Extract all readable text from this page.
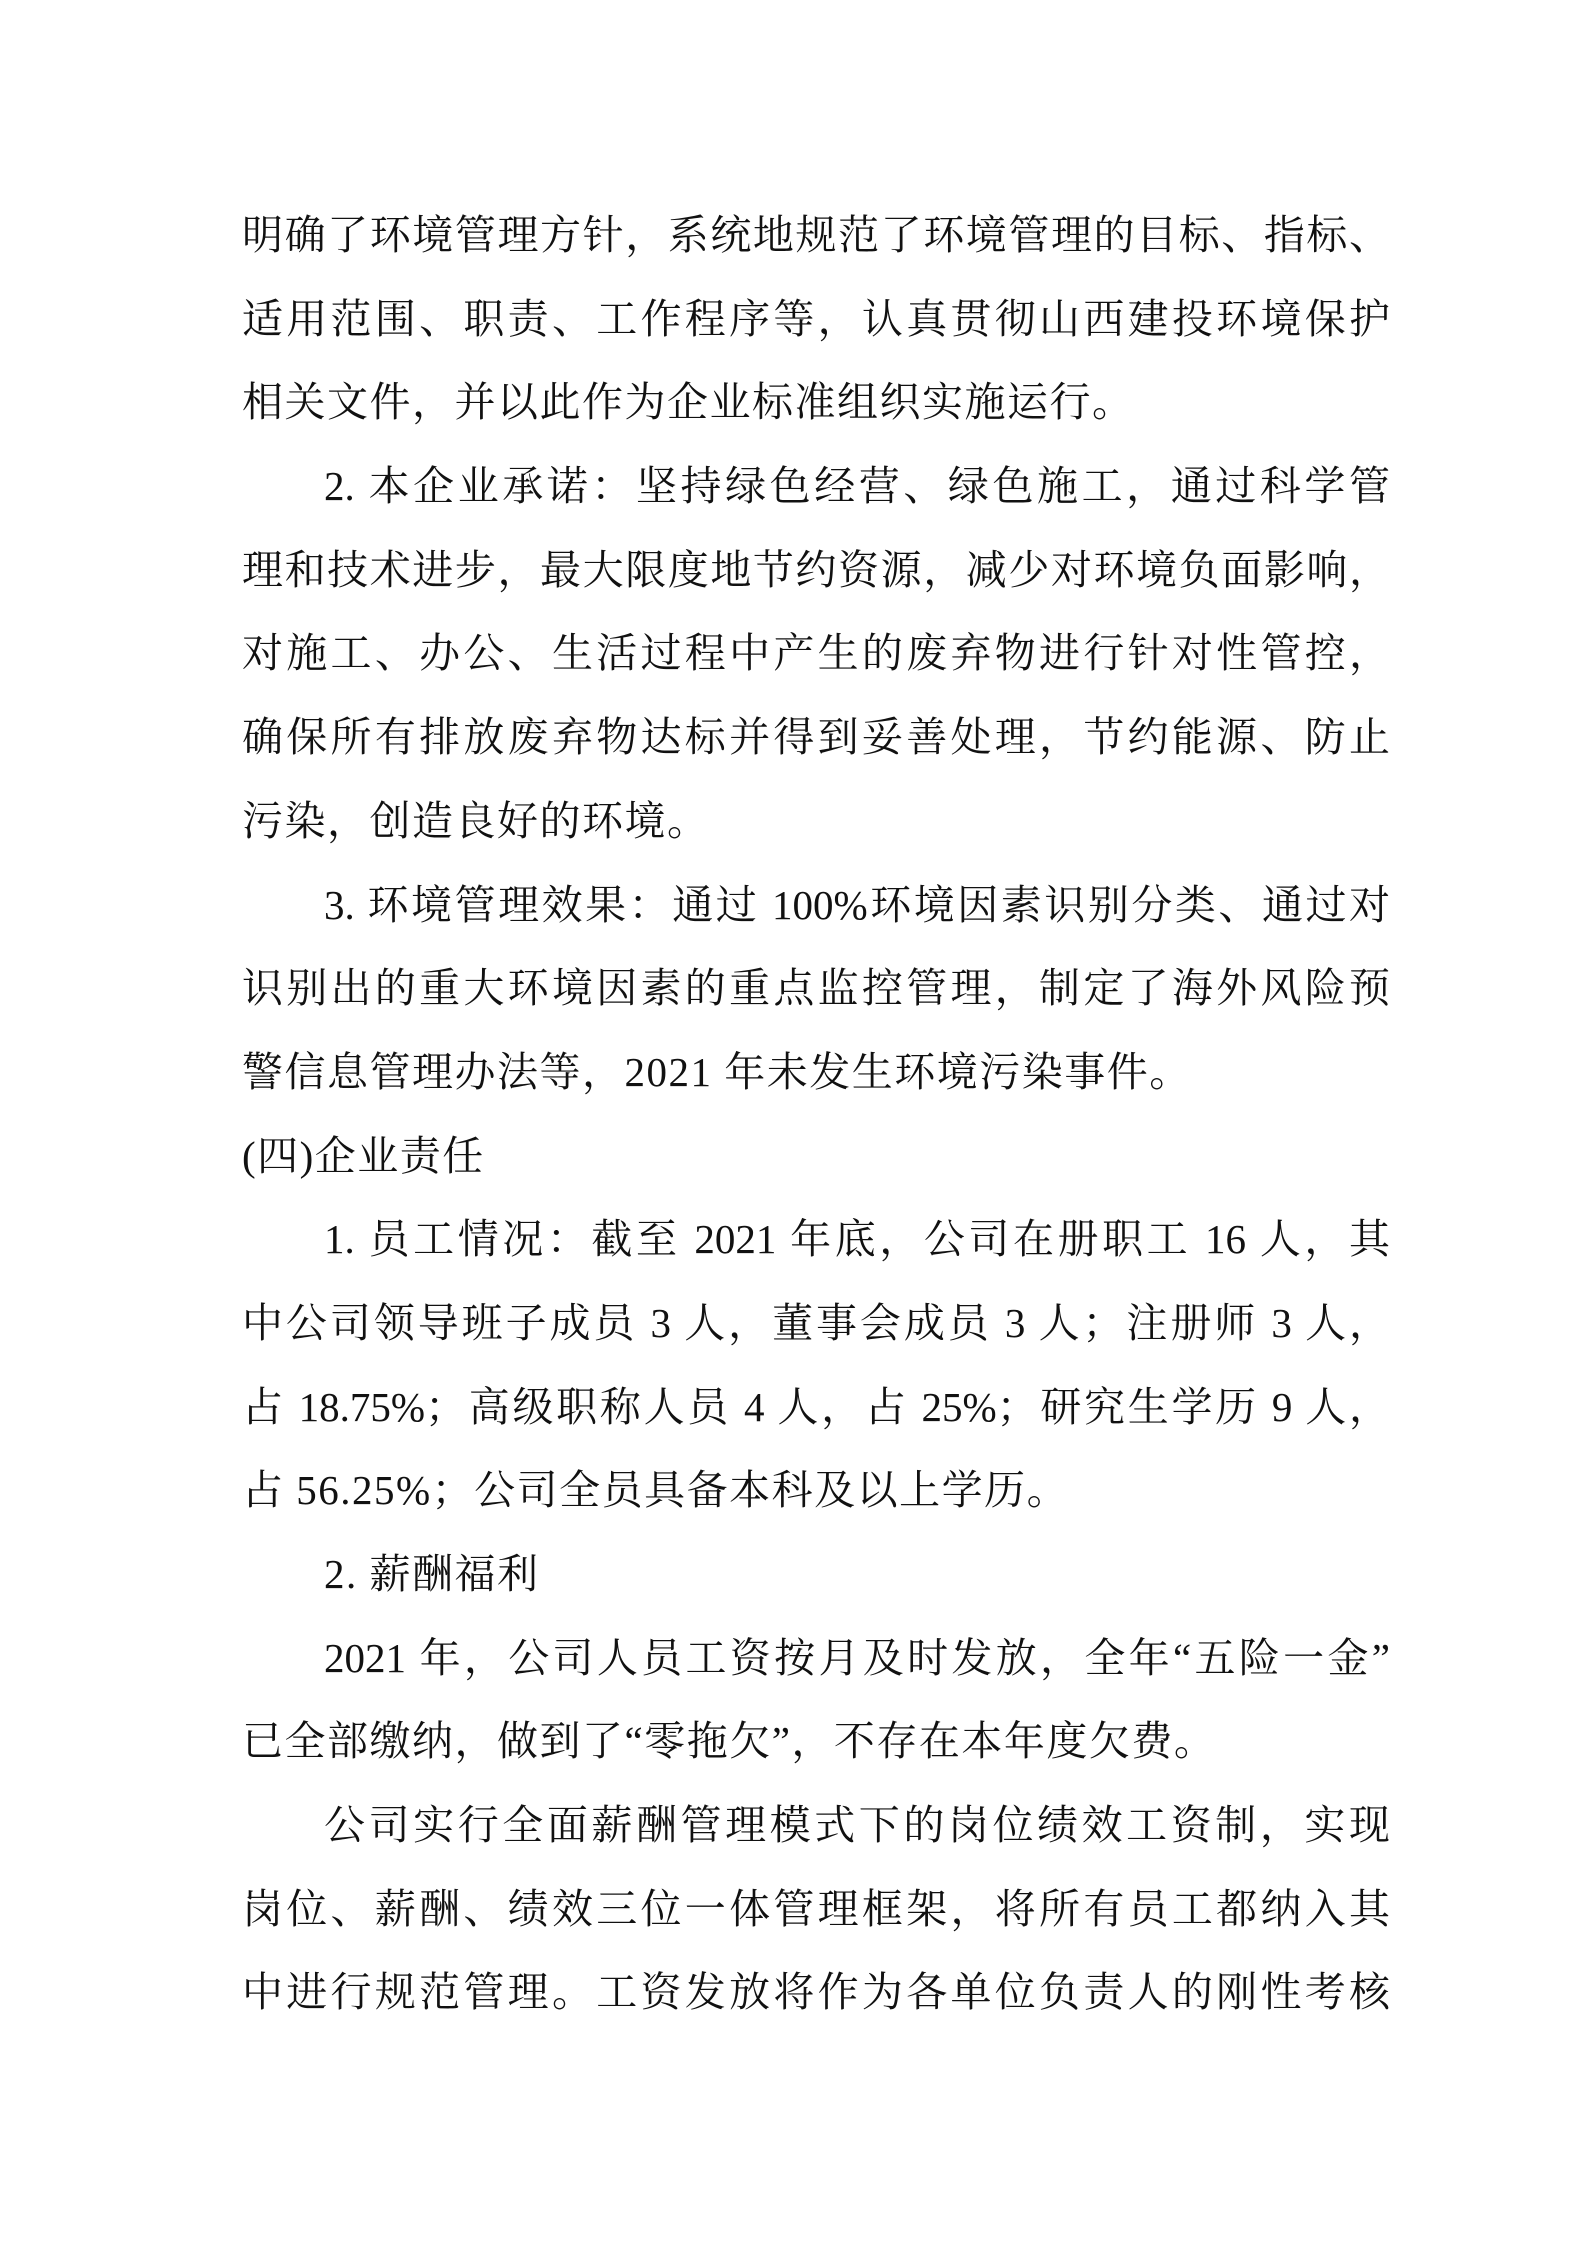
明确了环境管理方针，系统地规范了环境管理的目标、指标、
适用范围、职责、工作程序等，认真贯彻山西建投环境保护
相关文件，并以此作为企业标准组织实施运行。
2. 本企业承诺：坚持绿色经营、绿色施工，通过科学管
理和技术进步，最大限度地节约资源，减少对环境负面影响，
对施工、办公、生活过程中产生的废弃物进行针对性管控，
确保所有排放废弃物达标并得到妥善处理，节约能源、防止
污染，创造良好的环境。
3. 环境管理效果：通过 100%环境因素识别分类、通过对
识别出的重大环境因素的重点监控管理，制定了海外风险预
警信息管理办法等，2021 年未发生环境污染事件。
(四)企业责任
1. 员工情况：截至 2021 年底，公司在册职工 16 人，其
中公司领导班子成员 3 人，董事会成员 3 人；注册师 3 人，
占 18.75%；高级职称人员 4 人，占 25%；研究生学历 9 人，
占 56.25%；公司全员具备本科及以上学历。
2. 薪酬福利
2021 年，公司人员工资按月及时发放，全年“五险一金”
已全部缴纳，做到了“零拖欠”，不存在本年度欠费。
公司实行全面薪酬管理模式下的岗位绩效工资制，实现
岗位、薪酬、绩效三位一体管理框架，将所有员工都纳入其
中进行规范管理。工资发放将作为各单位负责人的刚性考核
